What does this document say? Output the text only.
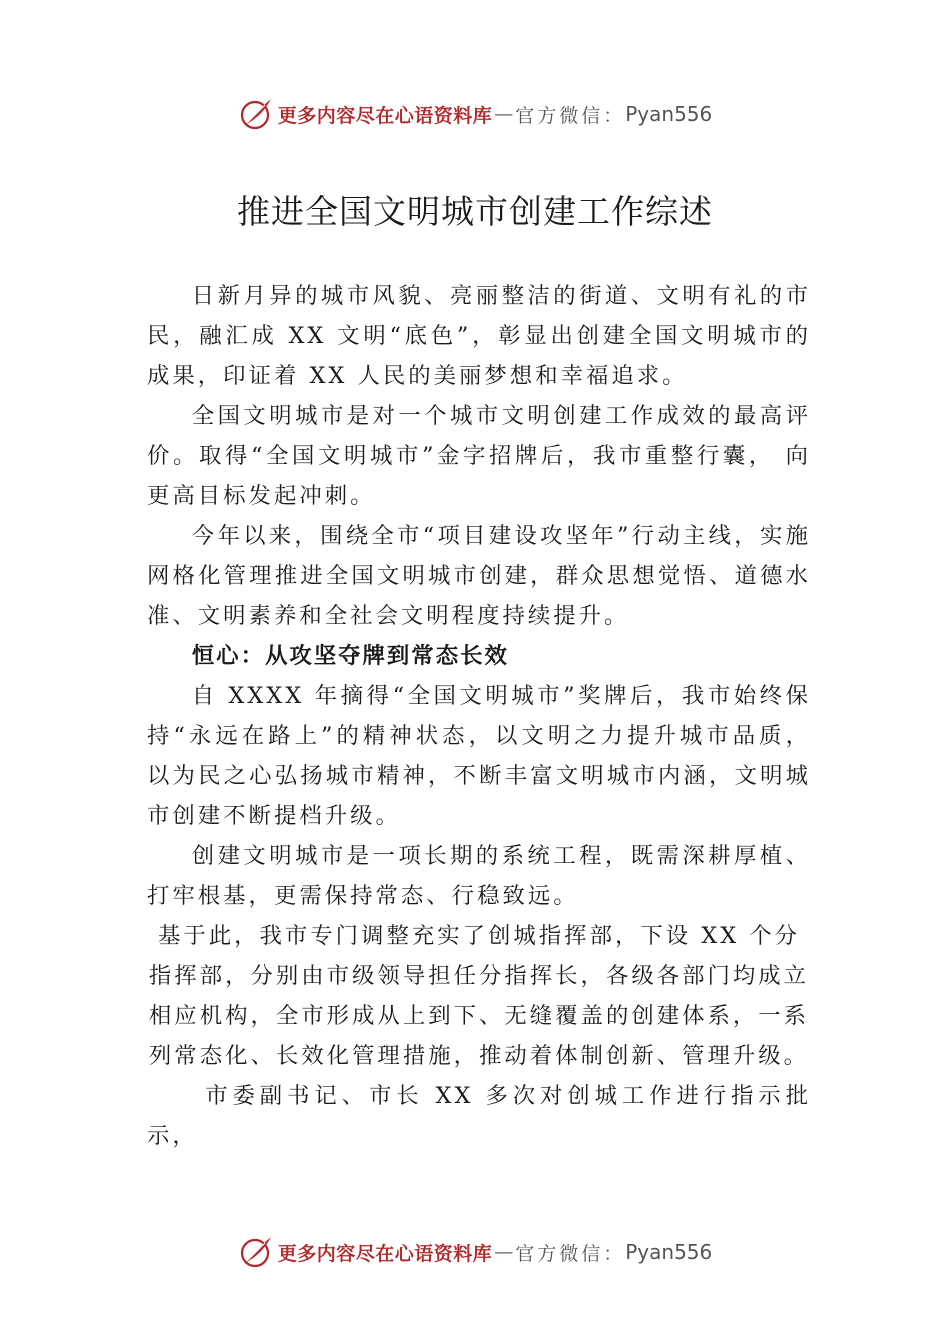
更多内容尽在心语资料库 — 官方微信： Pyan556
推进全国文明城市创建工作综述

日新月异的城市风貌、亮丽整洁的街道、文明有礼的市民，融汇成 XX 文明“底色”，彰显出创建全国文明城市的成果，印证着 XX 人民的美丽梦想和幸福追求。

全国文明城市是对一个城市文明创建工作成效的最高评价。取得“全国文明城市”金字招牌后，我市重整行囊， 向更高目标发起冲刺。

今年以来，围绕全市“项目建设攻坚年”行动主线，实施网格化管理推进全国文明城市创建，群众思想觉悟、道德水准、文明素养和全社会文明程度持续提升。

恒心：从攻坚夺牌到常态长效

自 XXXX 年摘得“全国文明城市”奖牌后，我市始终保持“永远在路上”的精神状态，以文明之力提升城市品质， 以为民之心弘扬城市精神，不断丰富文明城市内涵，文明城市创建不断提档升级。

创建文明城市是一项长期的系统工程，既需深耕厚植、打牢根基，更需保持常态、行稳致远。

基于此，我市专门调整充实了创城指挥部，下设 XX 个分指挥部，分别由市级领导担任分指挥长，各级各部门均成立相应机构，全市形成从上到下、无缝覆盖的创建体系，一系列常态化、长效化管理措施，推动着体制创新、管理升级。

市委副书记、市长 XX 多次对创城工作进行指示批示，

更多内容尽在心语资料库 — 官方微信： Pyan556
